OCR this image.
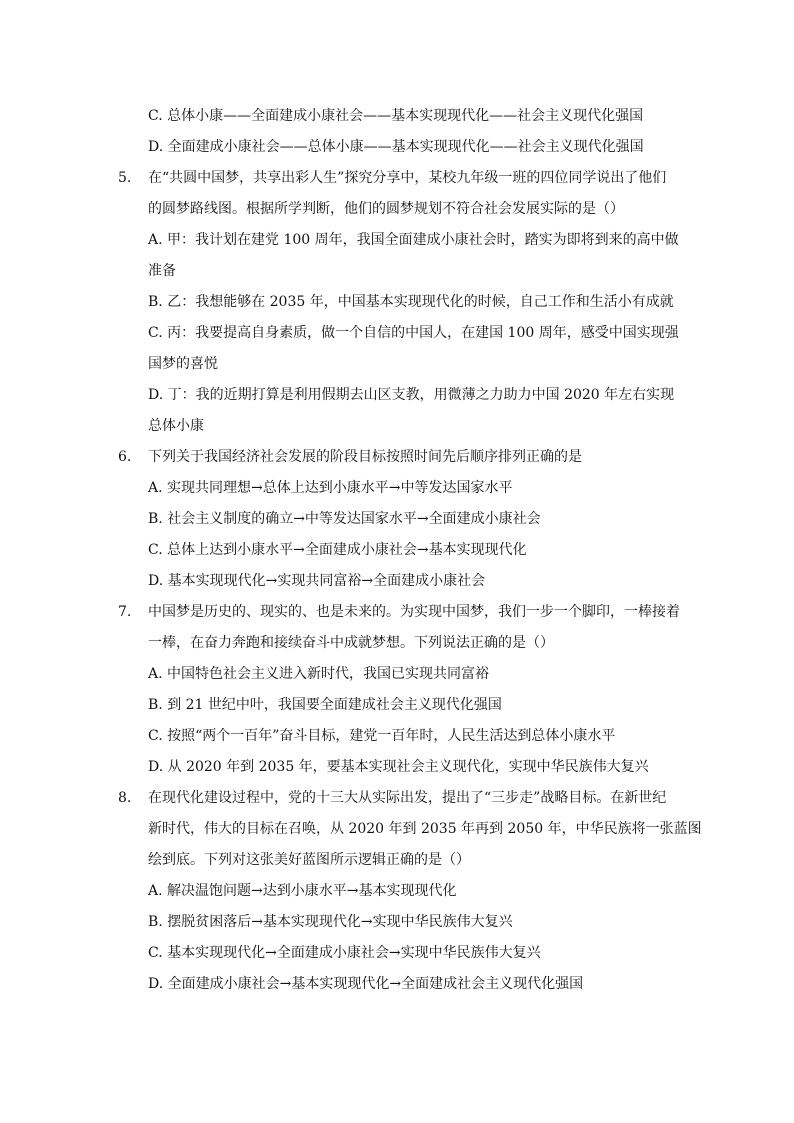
C. 总体小康——全面建成小康社会——基本实现现代化——社会主义现代化强国
D. 全面建成小康社会——总体小康——基本实现现代化——社会主义现代化强国
5. 在“共圆中国梦，共享出彩人生”探究分享中，某校九年级一班的四位同学说出了他们
的圆梦路线图。根据所学判断，他们的圆梦规划不符合社会发展实际的是（）
A. 甲：我计划在建党 100 周年，我国全面建成小康社会时，踏实为即将到来的高中做
准备
B. 乙：我想能够在 2035 年，中国基本实现现代化的时候，自己工作和生活小有成就
C. 丙：我要提高自身素质，做一个自信的中国人，在建国 100 周年，感受中国实现强
国梦的喜悦
D. 丁：我的近期打算是利用假期去山区支教，用微薄之力助力中国 2020 年左右实现
总体小康
6. 下列关于我国经济社会发展的阶段目标按照时间先后顺序排列正确的是
A. 实现共同理想→总体上达到小康水平→中等发达国家水平
B. 社会主义制度的确立→中等发达国家水平→全面建成小康社会
C. 总体上达到小康水平→全面建成小康社会→基本实现现代化
D. 基本实现现代化→实现共同富裕→全面建成小康社会
7. 中国梦是历史的、现实的、也是未来的。为实现中国梦，我们一步一个脚印，一棒接着
一棒，在奋力奔跑和接续奋斗中成就梦想。下列说法正确的是（）
A. 中国特色社会主义进入新时代，我国已实现共同富裕
B. 到 21 世纪中叶，我国要全面建成社会主义现代化强国
C. 按照“两个一百年”奋斗目标，建党一百年时，人民生活达到总体小康水平
D. 从 2020 年到 2035 年，要基本实现社会主义现代化，实现中华民族伟大复兴
8. 在现代化建设过程中，党的十三大从实际出发，提出了“三步走”战略目标。在新世纪
新时代，伟大的目标在召唤，从 2020 年到 2035 年再到 2050 年，中华民族将一张蓝图
绘到底。下列对这张美好蓝图所示逻辑正确的是（）
A. 解决温饱问题→达到小康水平→基本实现现代化
B. 摆脱贫困落后→基本实现现代化→实现中华民族伟大复兴
C. 基本实现现代化→全面建成小康社会→实现中华民族伟大复兴
D. 全面建成小康社会→基本实现现代化→全面建成社会主义现代化强国
